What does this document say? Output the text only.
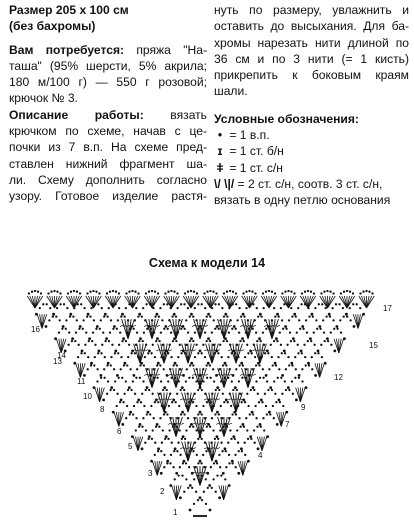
Размер 205 х 100 см
(без бахромы)
Вам потребуется: пряжа "На-
таша" (95% шерсти, 5% акрила;
180 м/100 г) — 550 г розовой;
крючок № 3.
Описание работы: вязать
крючком по схеме, начав с це-
почки из 7 в.п. На схеме пред-
ставлен нижний фрагмент ша-
ли. Схему дополнить согласно
узору. Готовое изделие растя-
нуть по размеру, увлажнить и
оставить до высыхания. Для ба-
хромы нарезать нити длиной по
36 см и по 3 нити (= 1 кисть)
прикрепить к боковым краям
шали.
Условные обозначения:
• = 1 в.п.
ɪ = 1 ст. б/н
ǂ = 1 ст. с/н
\/ \|/ = 2 ст. с/н, соотв. 3 ст. с/н,
вязать в одну петлю основания
Схема к модели 14
1
2
3
4
5
6
7
8	9
10
11	12
13
14
15
16
17
